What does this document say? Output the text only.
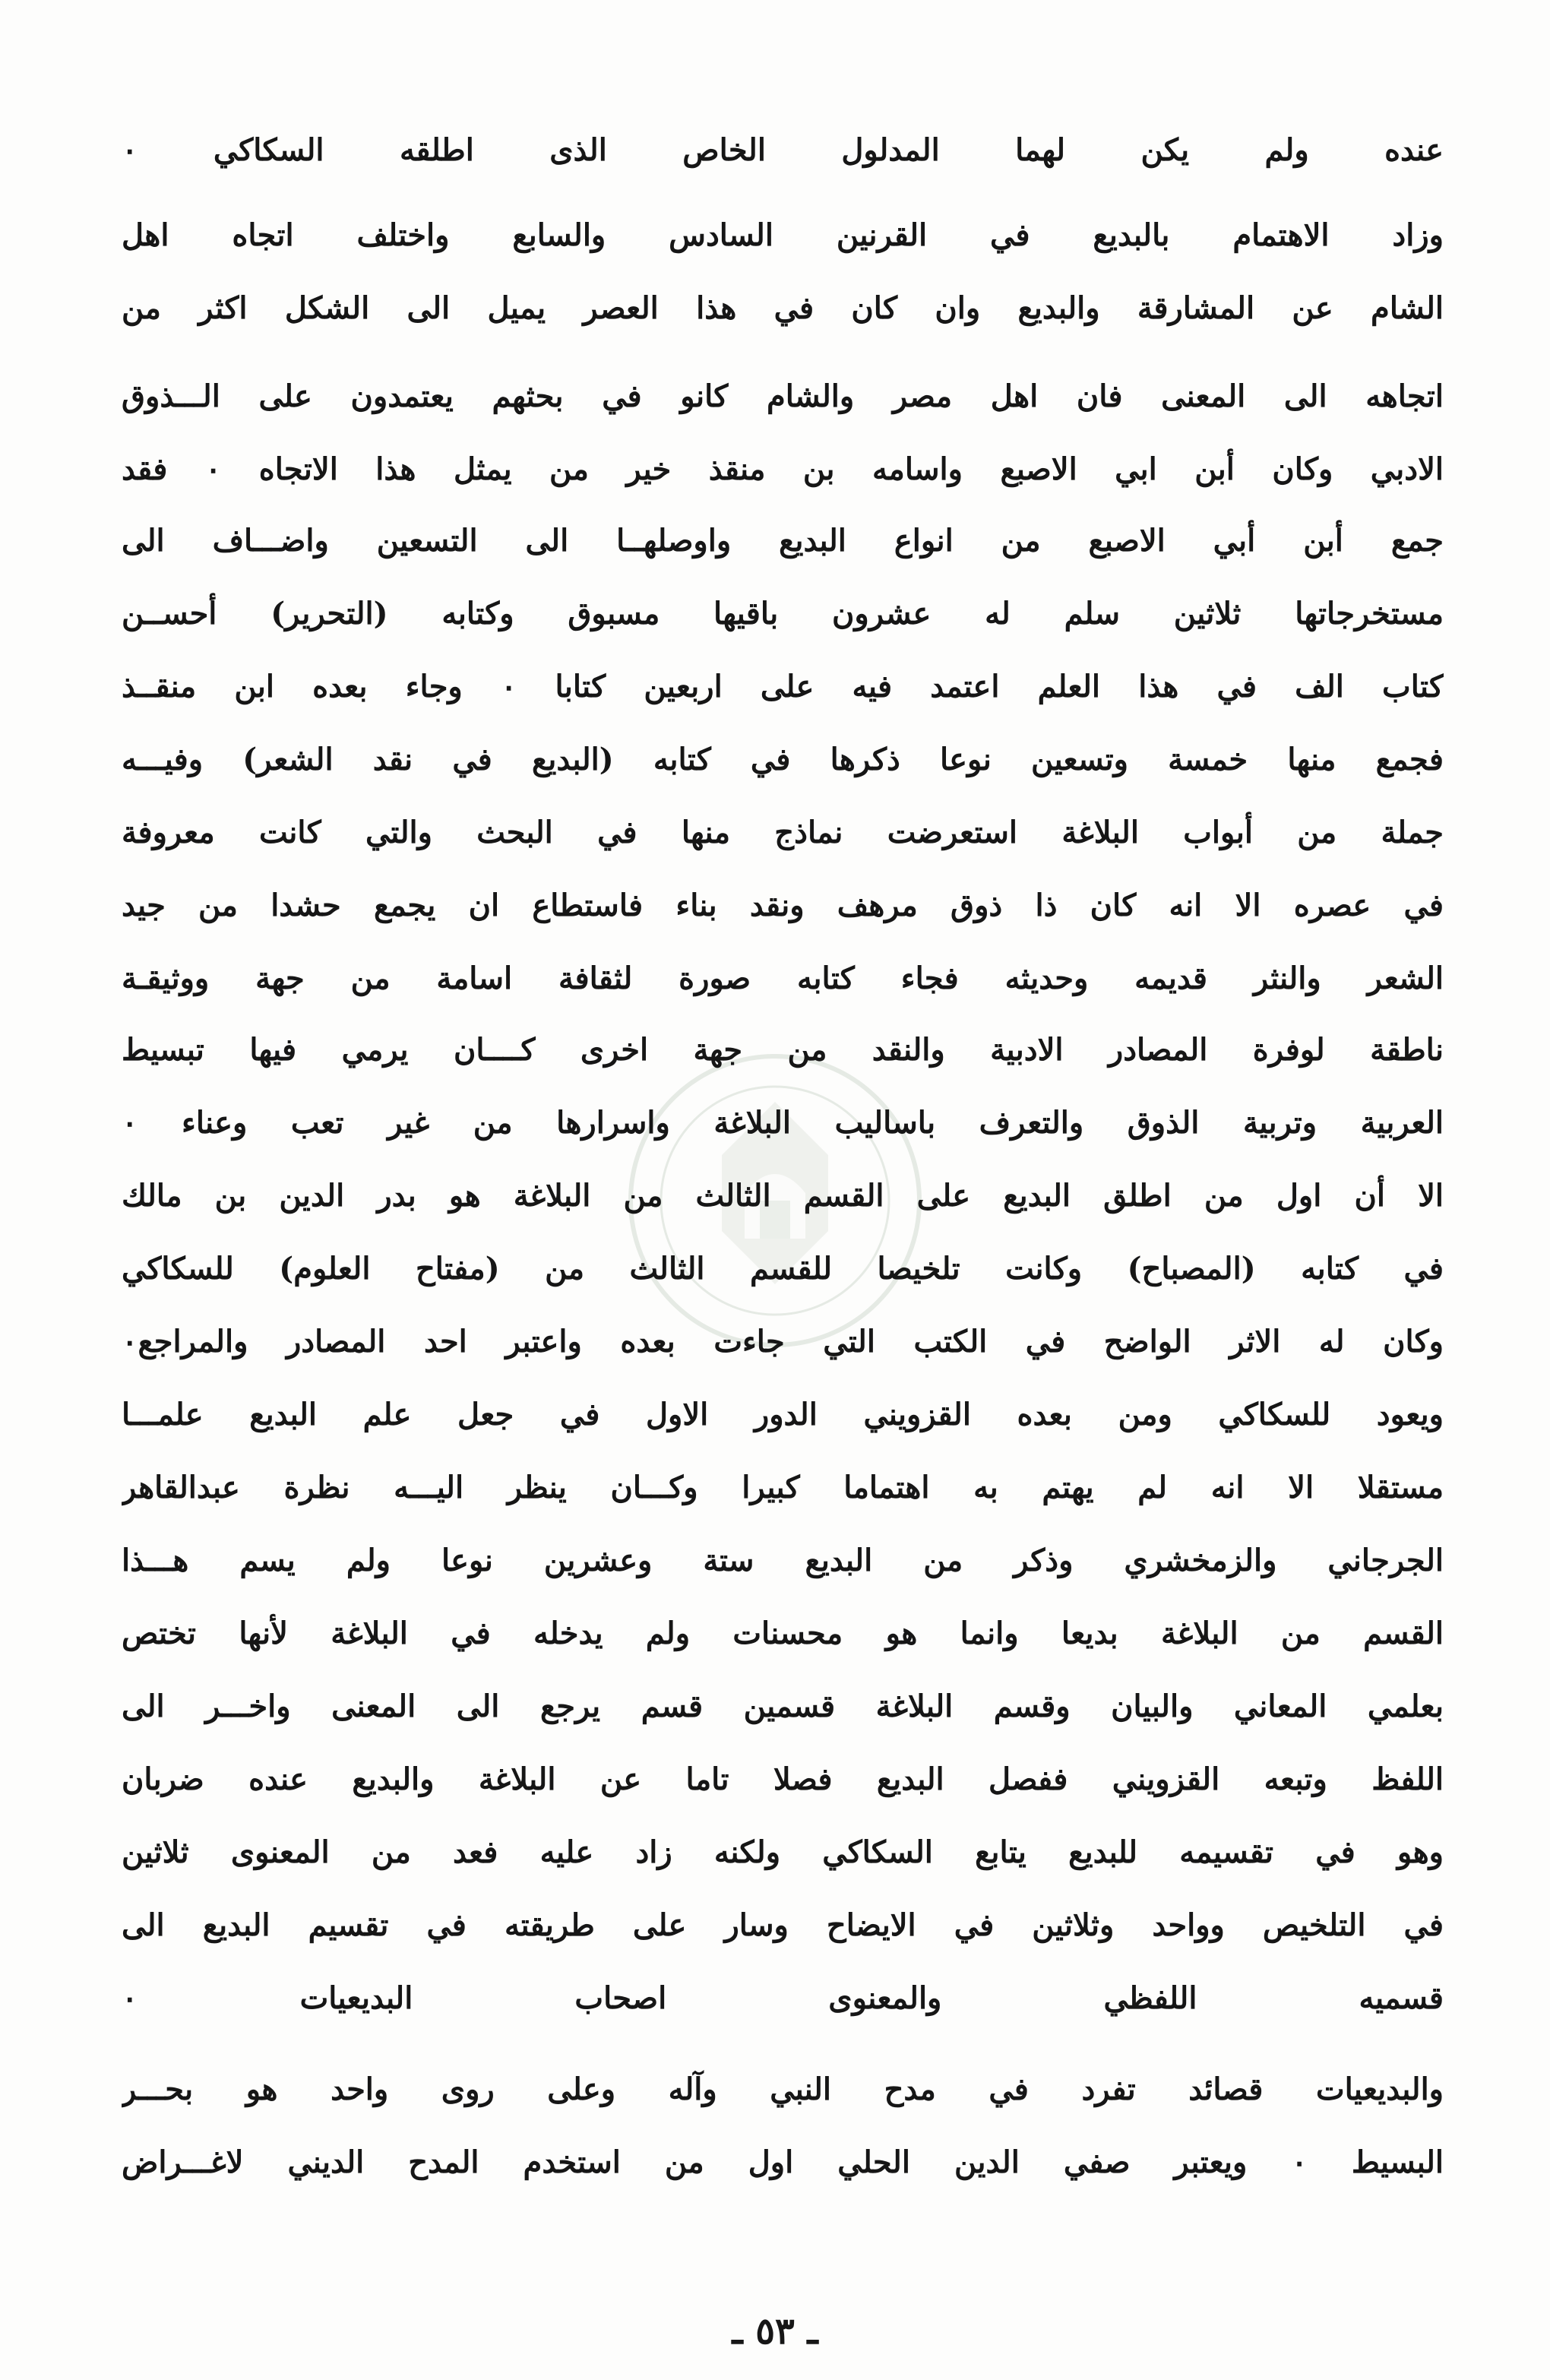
عنده ولم يكن لهما المدلول الخاص الذى اطلقه السكاكي ٠
وزاد الاهتمام بالبديع في القرنين السادس والسابع واختلف اتجاه اهل
الشام عن المشارقة والبديع وان كان في هذا العصر يميل الى الشكل اكثر من
اتجاهه الى المعنى فان اهل مصر والشام كانو في بحثهم يعتمدون على الـــذوق
الادبي وكان أبن ابي الاصبع واسامه بن منقذ خير من يمثل هذا الاتجاه ٠ فقد
جمع أبن أبي الاصبع من انواع البديع واوصلهــا الى التسعين واضـــاف الى
مستخرجاتها ثلاثين سلم له عشرون باقيها مسبوق وكتابه (التحرير) أحســن
كتاب الف في هذا العلم اعتمد فيه على اربعين كتابا ٠ وجاء بعده ابن منقــذ
فجمع منها خمسة وتسعين نوعا ذكرها في كتابه (البديع في نقد الشعر) وفيـــه
جملة من أبواب البلاغة استعرضت نماذج منها في البحث والتي كانت معروفة
في عصره الا انه كان ذا ذوق مرهف ونقد بناء فاستطاع ان يجمع حشدا من جيد
الشعر والنثر قديمه وحديثه فجاء كتابه صورة لثقافة اسامة من جهة ووثيقـة
ناطقة لوفرة المصادر الادبية والنقد من جهة اخرى كــــان يرمي فيها تبسيط
العربية وتربية الذوق والتعرف باساليب البلاغة واسرارها من غير تعب وعناء ٠
الا أن اول من اطلق البديع على القسم الثالث من البلاغة هو بدر الدين بن مالك
في كتابه (المصباح) وكانت تلخيصا للقسم الثالث من (مفتاح العلوم) للسكاكي
وكان له الاثر الواضح في الكتب التي جاءت بعده واعتبر احد المصادر والمراجع٠
ويعود للسكاكي ومن بعده القزويني الدور الاول في جعل علم البديع علمـــا
مستقلا الا انه لم يهتم به اهتماما كبيرا وكـــان ينظر اليـــه نظرة عبدالقاهر
الجرجاني والزمخشري وذكر من البديع ستة وعشرين نوعا ولم يسم هـــذا
القسم من البلاغة بديعا وانما هو محسنات ولم يدخله في البلاغة لأنها تختص
بعلمي المعاني والبيان وقسم البلاغة قسمين قسم يرجع الى المعنى واخـــر الى
اللفظ وتبعه القزويني ففصل البديع فصلا تاما عن البلاغة والبديع عنده ضربان
وهو في تقسيمه للبديع يتابع السكاكي ولكنه زاد عليه فعد من المعنوى ثلاثين
في التلخيص وواحد وثلاثين في الايضاح وسار على طريقته في تقسيم البديع الى
قسميه اللفظي والمعنوى اصحاب البديعيات ٠
والبديعيات قصائد تفرد في مدح النبي وآله وعلى روى واحد هو بحـــر
البسيط ٠ ويعتبر صفي الدين الحلي اول من استخدم المدح الديني لاغـــراض
ـ ٥٣ ـ
